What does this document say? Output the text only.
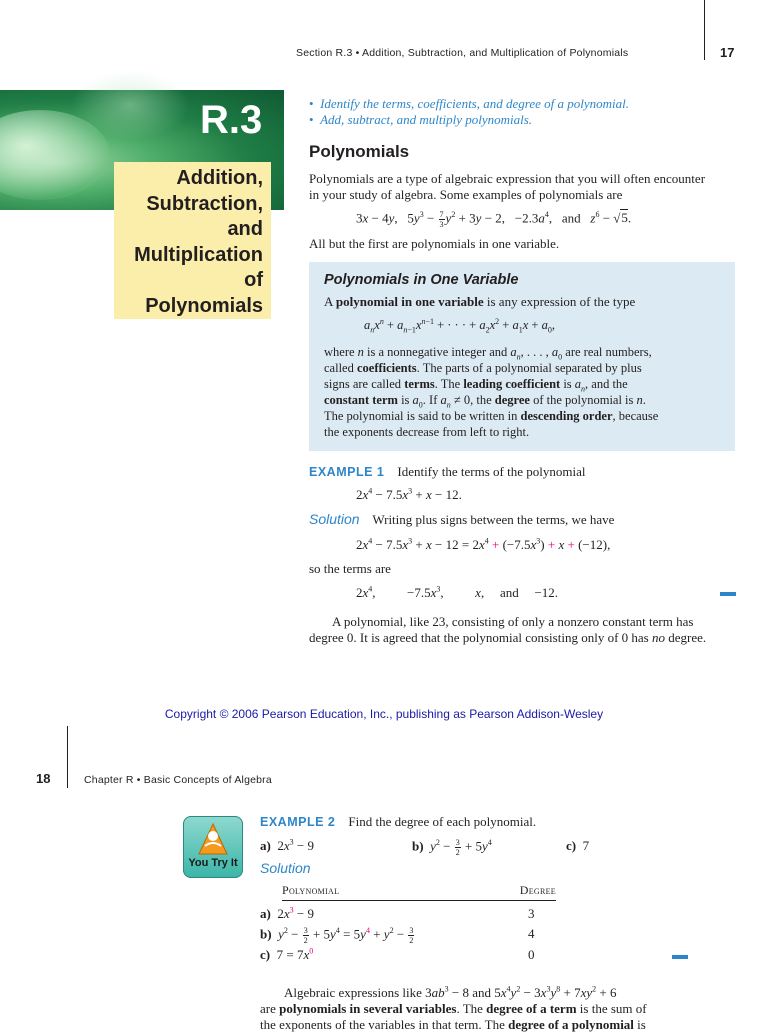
Section R.3 • Addition, Subtraction, and Multiplication of Polynomials	17
R.3
Addition,
Subtraction, and
Multiplication of
Polynomials
•  Identify the terms, coefficients, and degree of a polynomial.
•  Add, subtract, and multiply polynomials.
Polynomials
Polynomials are a type of algebraic expression that you will often encounter
in your study of algebra. Some examples of polynomials are
3x − 4y,   $5y^3 - \frac{7}{3} y^2 + 3y - 2$,   $-2.3a^4$,   and   $z^6 - √5$.
All but the first are polynomials in one variable.
Polynomials in One Variable
A polynomial in one variable is any expression of the type
$a_nx^n + a_{n-1}x^{n-1}$ + · · · + $a_2x^2 + a_1x + a_0$,
where n is a nonnegative integer and $a_n$, . . . , $a_0$ are real numbers,
called coefficients. The parts of a polynomial separated by plus
signs are called terms. The leading coefficient is $a_n$, and the
constant term is $a_0$. If $a_n \ne 0$, the degree of the polynomial is n.
The polynomial is said to be written in descending order, because
the exponents decrease from left to right.
EXAMPLE 1 Identify the terms of the polynomial
$2x^4 - 7.5x^3 + x - 12$.
Solution Writing plus signs between the terms, we have
$2x^4 - 7.5x^3 + x - 12 = 2x^4 + (-7.5x^3) + x + (-12)$,
so the terms are
$2x^4$,      $-7.5x^3$,      x,   and   −12.
A polynomial, like 23, consisting of only a nonzero constant term has
degree 0. It is agreed that the polynomial consisting only of 0 has no degree.
Copyright © 2006 Pearson Education, Inc., publishing as Pearson Addison-Wesley
18	Chapter R • Basic Concepts of Algebra
You Try It
EXAMPLE 2 Find the degree of each polynomial.
a)  $2x^3 - 9$	b) $y^2 - \frac{3}{2} + 5y^4$	c)  7
Solution
Polynomial	Degree
a)  $2x^3 - 9$	3
b) $y^2 - \frac{3}{2} + 5y^4 = 5y^4 + y^2 - \frac{3}{2}$	4
c)  $7 = 7x^0$	0
Algebraic expressions like $3ab^3 - 8$ and $5x^4y^2 - 3x^3y^8 + 7xy^2 + 6$
are polynomials in several variables. The degree of a term is the sum of
the exponents of the variables in that term. The degree of a polynomial is
